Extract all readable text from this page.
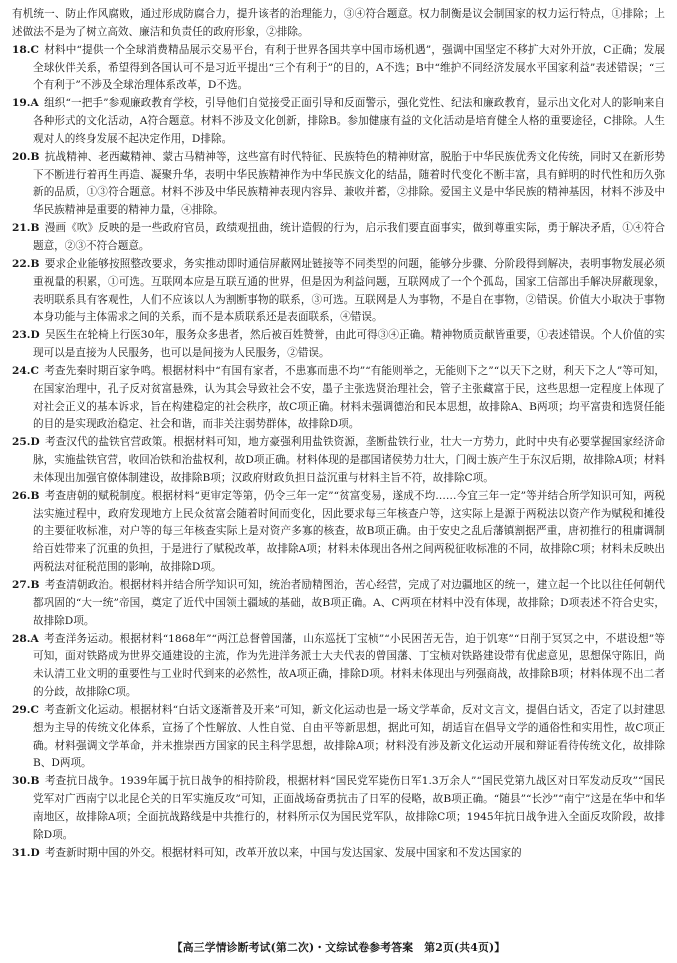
有机统一、防止作风腐败，通过形成防腐合力，提升该者的治理能力，③④符合题意。权力制衡是议会制国家的权力运行特点，①排除；上述做法不是为了树立高效、廉洁和负责任的政府形象，②排除。

18.C  材料中“提供一个全球消费精品展示交易平台，有利于世界各国共享中国市场机遇”，强调中国坚定不移扩大对外开放，C正确；发展全球伙伴关系，希望得到各国认可不是习近平提出“三个有利于”的目的，A不选；B中“维护不同经济发展水平国家利益”表述错误；“三个有利于”不涉及全球治理体系改革，D不选。

19.A  组织“一把手”参观廉政教育学校，引导他们自觉接受正面引导和反面警示，强化党性、纪法和廉政教育，显示出文化对人的影响来自各种形式的文化活动，A符合题意。材料不涉及文化创新，排除B。参加健康有益的文化活动是培育健全人格的重要途径，C排除。人生观对人的终身发展不起决定作用，D排除。

20.B  抗战精神、老西藏精神、蒙古马精神等，这些富有时代特征、民族特色的精神财富，脱胎于中华民族优秀文化传统，同时又在新形势下不断进行着再生再造、凝聚升华，表明中华民族精神作为中华民族文化的结晶，随着时代变化不断丰富，具有鲜明的时代性和历久弥新的品质，①③符合题意。材料不涉及中华民族精神表现内容异、兼收并蓄，②排除。爱国主义是中华民族的精神基因，材料不涉及中华民族精神是重要的精神力量，④排除。

21.B  漫画《吹》反映的是一些政府官员，政绩观扭曲，统计造假的行为，启示我们要直面事实，做到尊重实际，勇于解决矛盾，①④符合题意，②③不符合题意。

22.B  要求企业能够按照整改要求，务实推动即时通信屏蔽网址链接等不同类型的问题，能够分步骤、分阶段得到解决，表明事物发展必须重视量的积累，①可选。互联网本应是互联互通的世界，但是因为利益问题，互联网成了一个个孤岛，国家工信部出手解决屏蔽现象，表明联系具有客观性，人们不应该以人为割断事物的联系，③可选。互联网是人为事物，不是自在事物，②错误。价值大小取决于事物本身功能与主体需求之间的关系，而不是本质联系还是表面联系，④错误。

23.D  吴医生在轮椅上行医30年，服务众多患者，然后被百姓赞誉，由此可得③④正确。精神物质贡献皆重要，①表述错误。个人价值的实现可以是直接为人民服务，也可以是间接为人民服务，②错误。

24.C  考查先秦时期百家争鸣。根据材料中“有国有家者，不患寡而患不均”“有能则举之，无能则下之”“以天下之财，利天下之人”等可知，在国家治理中，孔子反对贫富悬殊，认为其会导致社会不安，墨子主张选贤治理社会，管子主张藏富于民，这些思想一定程度上体现了对社会正义的基本诉求，旨在构建稳定的社会秩序，故C项正确。材料未强调德治和民本思想，故排除A、B两项；均平富贵和选贤任能的目的是实现政治稳定、社会和谐，而非关注弱势群体，故排除D项。

25.D  考查汉代的盐铁官营政策。根据材料可知，地方豪强利用盐铁资源，垄断盐铁行业，壮大一方势力，此时中央有必要掌握国家经济命脉，实施盐铁官营，收回冶铁和治盐权利，故D项正确。材料体现的是郡国诸侯势力壮大，门阀士族产生于东汉后期，故排除A项；材料未体现出加强官僚体制建设，故排除B项；汉政府财政负担日益沉重与材料主旨不符，故排除C项。

26.B  考查唐朝的赋税制度。根据材料“更审定等第，仍令三年一定”“贫富变易，遂成不均……今宜三年一定”等并结合所学知识可知，两税法实施过程中，政府发现地方上民众贫富会随着时间而变化，因此要求每三年核查户等，这实际上是源于两税法以资产作为赋税和摊役的主要征收标准，对户等的每三年核查实际上是对资产多寡的核查，故B项正确。由于安史之乱后藩镇割据严重，唐初推行的租庸调制给百姓带来了沉重的负担，于是进行了赋税改革，故排除A项；材料未体现出各州之间两税征收标准的不同，故排除C项；材料未反映出两税法对征税范围的影响，故排除D项。

27.B  考查清朝政治。根据材料并结合所学知识可知，统治者励精图治，苦心经营，完成了对边疆地区的统一，建立起一个比以往任何朝代都巩固的“大一统”帝国，奠定了近代中国领土疆域的基础，故B项正确。A、C两项在材料中没有体现，故排除；D项表述不符合史实，故排除D项。

28.A  考查洋务运动。根据材料“1868年”“两江总督曾国藩，山东巡抚丁宝桢”“小民困苦无告，迫于饥寒”“日削于冥冥之中，不堪设想”等可知，面对铁路成为世界交通建设的主流，作为先进洋务派士大夫代表的曾国藩、丁宝桢对铁路建设带有优虑意见，思想保守陈旧，尚未认清工业文明的重要性与工业时代到来的必然性，故A项正确，排除D项。材料未体现出与列强商战，故排除B项；材料体现不出二者的分歧，故排除C项。

29.C  考查新文化运动。根据材料“白话文逐渐普及开来”可知，新文化运动也是一场文学革命，反对文言文，提倡白话文，否定了以封建思想为主导的传统文化体系，宣扬了个性解放、人性自觉、自由平等新思想，据此可知，胡适盲在倡导文学的通俗性和实用性，故C项正确。材料强调文学革命，并未推崇西方国家的民主科学思想，故排除A项；材料没有涉及新文化运动开展和辩证看待传统文化，故排除B、D两项。

30.B  考查抗日战争。1939年属于抗日战争的相持阶段，根据材料“国民党军毙伤日军1.3万余人”“国民党第九战区对日军发动反攻”“国民党军对广西南宁以北昆仑关的日军实施反攻”可知，正面战场奋勇抗击了日军的侵略，故B项正确。“随县”“长沙”“南宁”这是在华中和华南地区，故排除A项；全面抗战路线是中共推行的，材料所示仅为国民党军队，故排除C项；1945年抗日战争进入全面反攻阶段，故排除D项。

31.D  考查新时期中国的外交。根据材料可知，改革开放以来，中国与发达国家、发展中国家和不发达国家的

【高三学情诊断考试(第二次)・文综试卷参考答案　第2页(共4页)】
